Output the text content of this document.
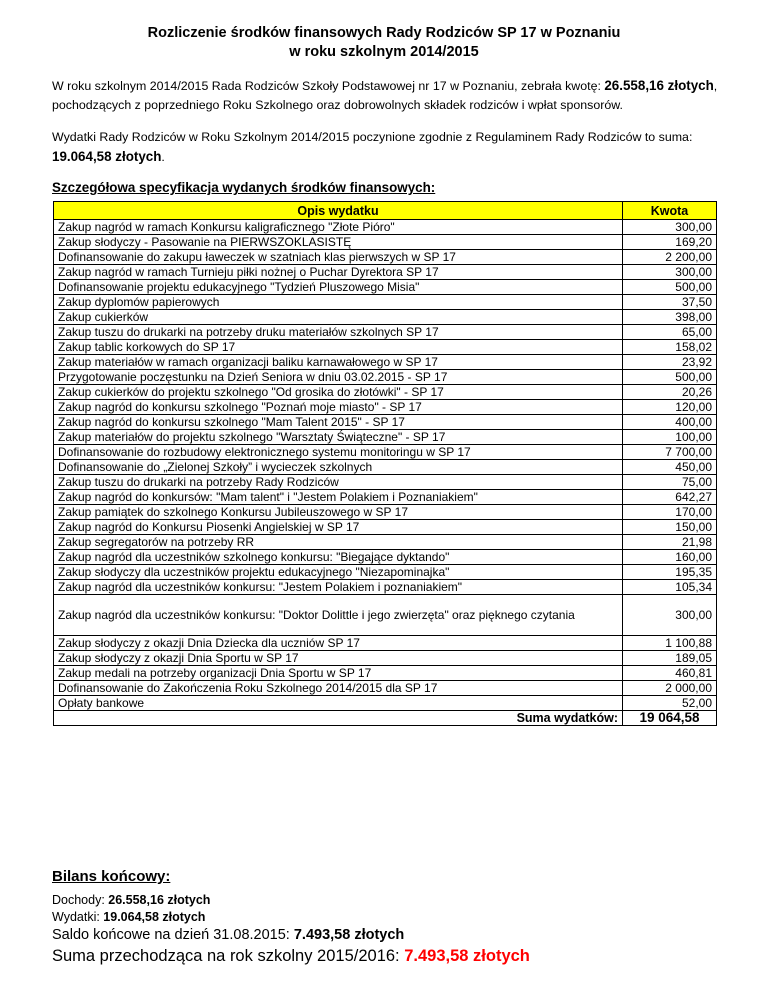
Rozliczenie środków finansowych Rady Rodziców SP 17 w Poznaniu
w roku szkolnym 2014/2015
W roku szkolnym 2014/2015 Rada Rodziców Szkoły Podstawowej nr 17 w Poznaniu, zebrała kwotę: 26.558,16 złotych, pochodzących z poprzedniego Roku Szkolnego oraz dobrowolnych składek rodziców i wpłat sponsorów.
Wydatki Rady Rodziców w Roku Szkolnym 2014/2015 poczynione zgodnie z Regulaminem Rady Rodziców to suma: 19.064,58 złotych.
Szczegółowa specyfikacja wydanych środków finansowych:
Opis wydatku	Kwota
Zakup nagród w ramach Konkursu kaligraficznego "Złote Pióro"	300,00
Zakup słodyczy - Pasowanie na PIERWSZOKLASISTĘ	169,20
Dofinansowanie do zakupu ławeczek w szatniach klas pierwszych w SP 17	2 200,00
Zakup nagród w ramach Turnieju piłki nożnej o Puchar Dyrektora SP 17	300,00
Dofinansowanie projektu edukacyjnego "Tydzień Pluszowego Misia"	500,00
Zakup dyplomów papierowych	37,50
Zakup cukierków	398,00
Zakup tuszu do drukarki na potrzeby druku materiałów szkolnych SP 17	65,00
Zakup tablic korkowych do SP 17	158,02
Zakup materiałów w ramach organizacji baliku karnawałowego w SP 17	23,92
Przygotowanie poczęstunku na Dzień Seniora w dniu 03.02.2015 - SP 17	500,00
Zakup cukierków do projektu szkolnego "Od grosika do złotówki" - SP 17	20,26
Zakup nagród do konkursu szkolnego "Poznań moje miasto" - SP 17	120,00
Zakup nagród do konkursu szkolnego "Mam Talent 2015" - SP 17	400,00
Zakup materiałów do projektu szkolnego "Warsztaty Świąteczne" - SP 17	100,00
Dofinansowanie do rozbudowy elektronicznego systemu monitoringu w SP 17	7 700,00
Dofinansowanie do „Zielonej Szkoły” i wycieczek szkolnych	450,00
Zakup tuszu do drukarki na potrzeby Rady Rodziców	75,00
Zakup nagród do konkursów: "Mam talent" i "Jestem Polakiem i Poznaniakiem"	642,27
Zakup pamiątek do szkolnego Konkursu Jubileuszowego w SP 17	170,00
Zakup nagród do Konkursu Piosenki Angielskiej w SP 17	150,00
Zakup segregatorów na potrzeby RR	21,98
Zakup nagród dla uczestników szkolnego konkursu: "Biegające dyktando"	160,00
Zakup słodyczy dla uczestników projektu edukacyjnego "Niezapominajka"	195,35
Zakup nagród dla uczestników konkursu: "Jestem Polakiem i poznaniakiem"	105,34
Zakup nagród dla uczestników konkursu: "Doktor Dolittle i jego zwierzęta" oraz pięknego czytania	300,00
Zakup słodyczy z okazji Dnia Dziecka dla uczniów SP 17	1 100,88
Zakup słodyczy z okazji Dnia Sportu w SP 17	189,05
Zakup medali na potrzeby organizacji Dnia Sportu w SP 17	460,81
Dofinansowanie do Zakończenia Roku Szkolnego 2014/2015 dla SP 17	2 000,00
Opłaty bankowe	52,00
Suma wydatków:	19 064,58
Bilans końcowy:
Dochody: 26.558,16 złotych
Wydatki: 19.064,58 złotych
Saldo końcowe na dzień 31.08.2015: 7.493,58 złotych
Suma przechodząca na rok szkolny 2015/2016: 7.493,58 złotych
